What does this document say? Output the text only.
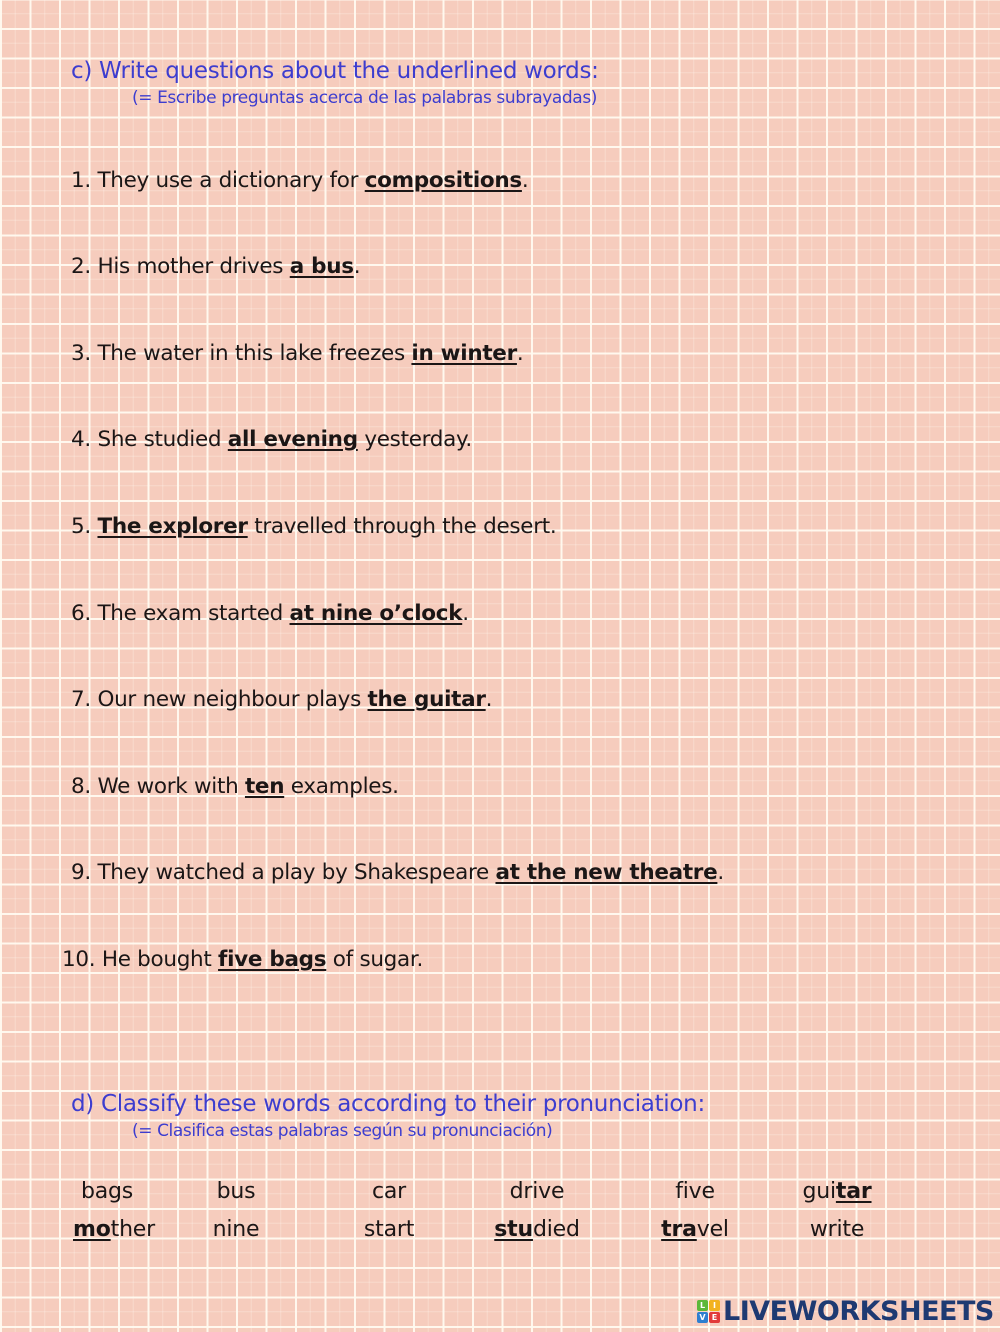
c) Write questions about the underlined words:
(= Escribe preguntas acerca de las palabras subrayadas)
1. They use a dictionary for compositions.
2. His mother drives a bus.
3. The water in this lake freezes in winter.
4. She studied all evening yesterday.
5. The explorer travelled through the desert.
6. The exam started at nine o’clock.
7. Our new neighbour plays the guitar.
8. We work with ten examples.
9. They watched a play by Shakespeare at the new theatre.
10. He bought five bags of sugar.
d) Classify these words according to their pronunciation:
(= Clasifica estas palabras según su pronunciación)
bags	bus	car	drive	five	guitar
mother	nine	start	studied	travel	write
L I
V E LIVEWORKSHEETS
